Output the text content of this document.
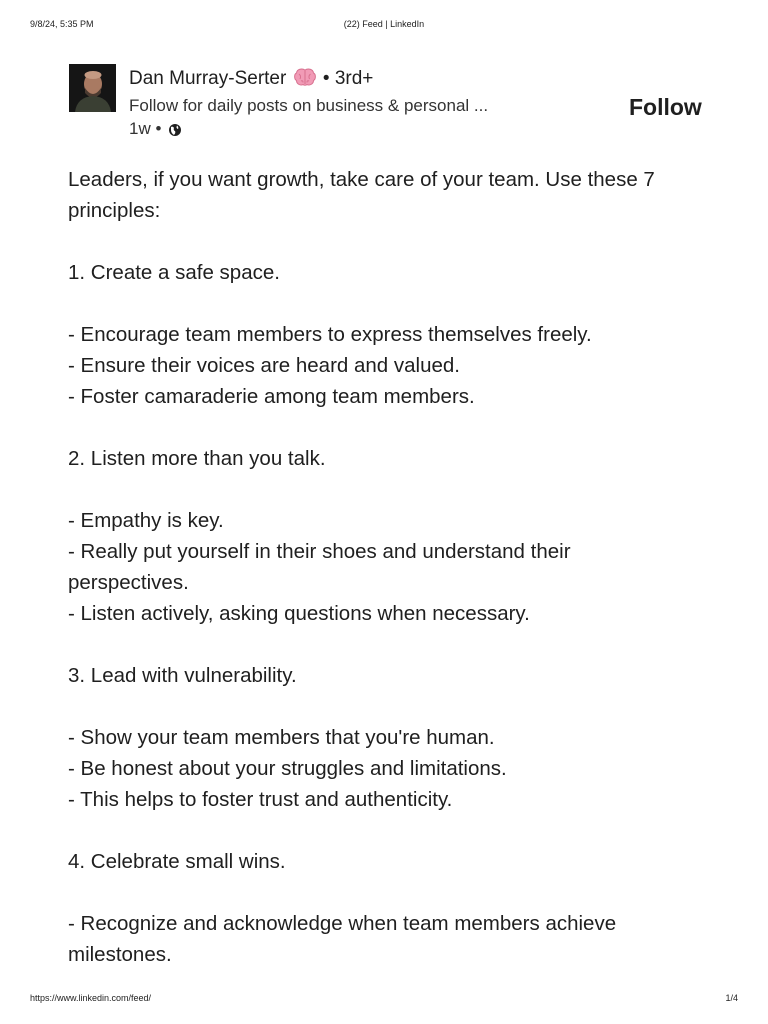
9/8/24, 5:35 PM	(22) Feed | LinkedIn
Dan Murray-Serter • 3rd+
Follow for daily posts on business & personal ...
1w •
Follow
Leaders, if you want growth, take care of your team. Use these 7
principles:
1. Create a safe space.
- Encourage team members to express themselves freely.
- Ensure their voices are heard and valued.
- Foster camaraderie among team members.
2. Listen more than you talk.
- Empathy is key.
- Really put yourself in their shoes and understand their
perspectives.
- Listen actively, asking questions when necessary.
3. Lead with vulnerability.
- Show your team members that you're human.
- Be honest about your struggles and limitations.
- This helps to foster trust and authenticity.
4. Celebrate small wins.
- Recognize and acknowledge when team members achieve
milestones.
https://www.linkedin.com/feed/	1/4
